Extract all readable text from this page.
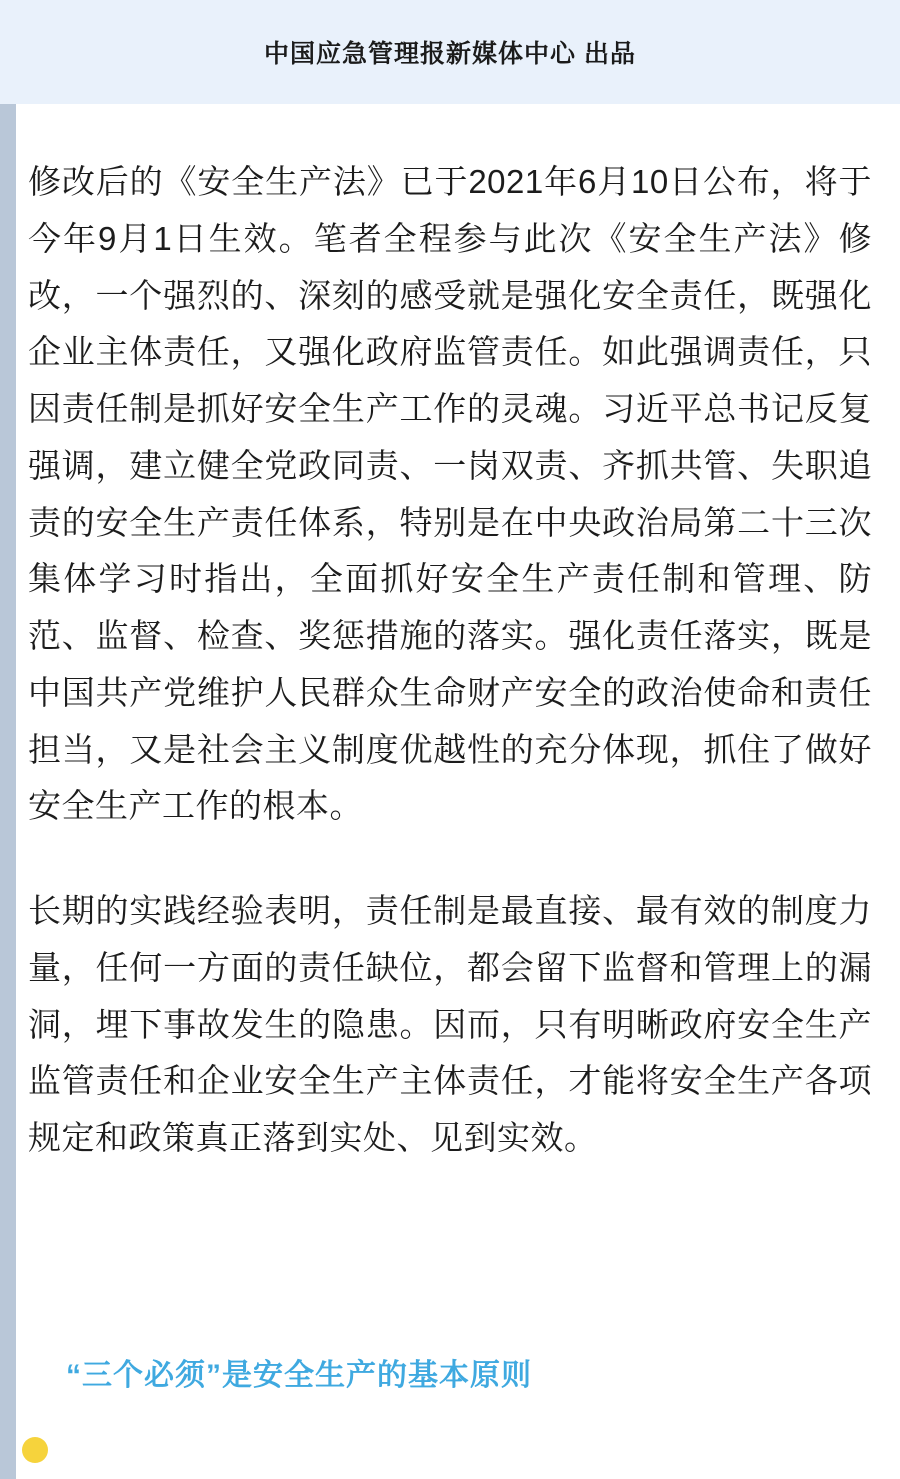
中国应急管理报新媒体中心 出品

修改后的《安全生产法》已于2021年6月10日公布，将于今年9月1日生效。笔者全程参与此次《安全生产法》修改，一个强烈的、深刻的感受就是强化安全责任，既强化企业主体责任，又强化政府监管责任。如此强调责任，只因责任制是抓好安全生产工作的灵魂。习近平总书记反复强调，建立健全党政同责、一岗双责、齐抓共管、失职追责的安全生产责任体系，特别是在中央政治局第二十三次集体学习时指出，全面抓好安全生产责任制和管理、防范、监督、检查、奖惩措施的落实。强化责任落实，既是中国共产党维护人民群众生命财产安全的政治使命和责任担当，又是社会主义制度优越性的充分体现，抓住了做好安全生产工作的根本。

长期的实践经验表明，责任制是最直接、最有效的制度力量，任何一方面的责任缺位，都会留下监督和管理上的漏洞，埋下事故发生的隐患。因而，只有明晰政府安全生产监管责任和企业安全生产主体责任，才能将安全生产各项规定和政策真正落到实处、见到实效。

“三个必须”是安全生产的基本原则
